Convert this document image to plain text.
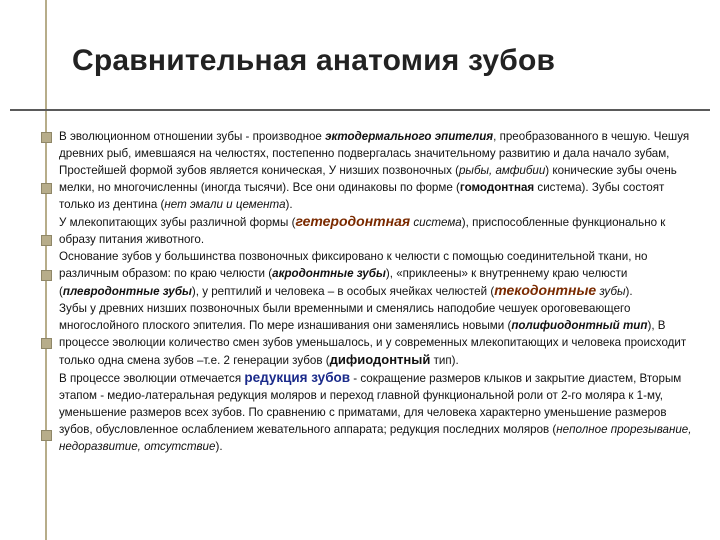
Сравнительная анатомия зубов

В эволюционном отношении зубы - производное эктодермального эпителия, преобразованного в чешую. Чешуя древних рыб, имевшаяся на челюстях, постепенно подвергалась значительному развитию и дала начало зубам,

Простейшей формой зубов является коническая, У низших позвоночных (рыбы, амфибии) конические зубы очень мелки, но многочисленны (иногда тысячи). Все они одинаковы по форме (гомодонтная система). Зубы состоят только из дентина (нет эмали и цемента).

У млекопитающих зубы различной формы (гетеродонтная система), приспособленные функционально к образу питания животного.

Основание зубов у большинства позвоночных фиксировано к челюсти с помощью соединительной ткани, но различным образом: по краю челюсти (акродонтные зубы), «приклеены» к внутреннему краю челюсти (плевродонтные зубы), у рептилий и человека – в особых ячейках челюстей (текодонтные зубы).

Зубы у древних низших позвоночных были временными и сменялись наподобие чешуек ороговевающего многослойного плоского эпителия. По мере изнашивания они заменялись новыми (полифиодонтный тип), В процессе эволюции количество смен зубов уменьшалось, и у современных млекопитающих и человека происходит только одна смена зубов –т.е. 2 генерации зубов (дифиодонтный тип).

В процессе эволюции отмечается редукция зубов - сокращение размеров клыков и закрытие диастем, Вторым этапом - медио-латеральная редукция моляров и переход главной функциональной роли от 2-го моляра к 1-му, уменьшение размеров всех зубов. По сравнению с приматами, для человека характерно уменьшение размеров зубов, обусловленное ослаблением жевательного аппарата; редукция последних моляров (неполное прорезывание, недоразвитие, отсутствие).
